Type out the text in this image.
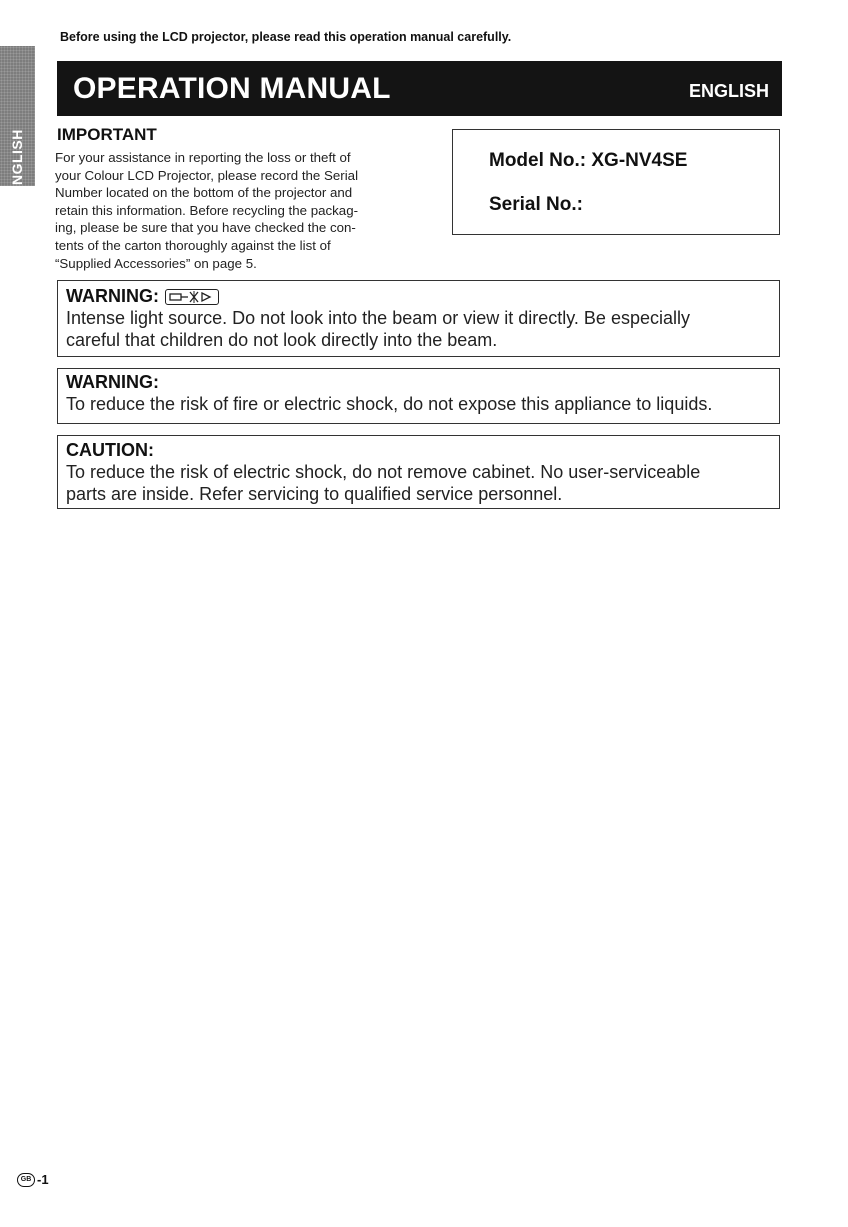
ENGLISH
Before using the LCD projector, please read this operation manual carefully.
OPERATION MANUAL	ENGLISH
IMPORTANT
For your assistance in reporting the loss or theft of
your Colour LCD Projector, please record the Serial
Number located on the bottom of the projector and
retain this information. Before recycling the packag-
ing, please be sure that you have checked the con-
tents of the carton thoroughly against the list of
“Supplied Accessories” on page 5.
Model No.: XG-NV4SE
Serial No.:
WARNING:
Intense light source. Do not look into the beam or view it directly. Be especially
careful that children do not look directly into the beam.
WARNING:
To reduce the risk of fire or electric shock, do not expose this appliance to liquids.
CAUTION:
To reduce the risk of electric shock, do not remove cabinet. No user-serviceable
parts are inside. Refer servicing to qualified service personnel.
GB -1
